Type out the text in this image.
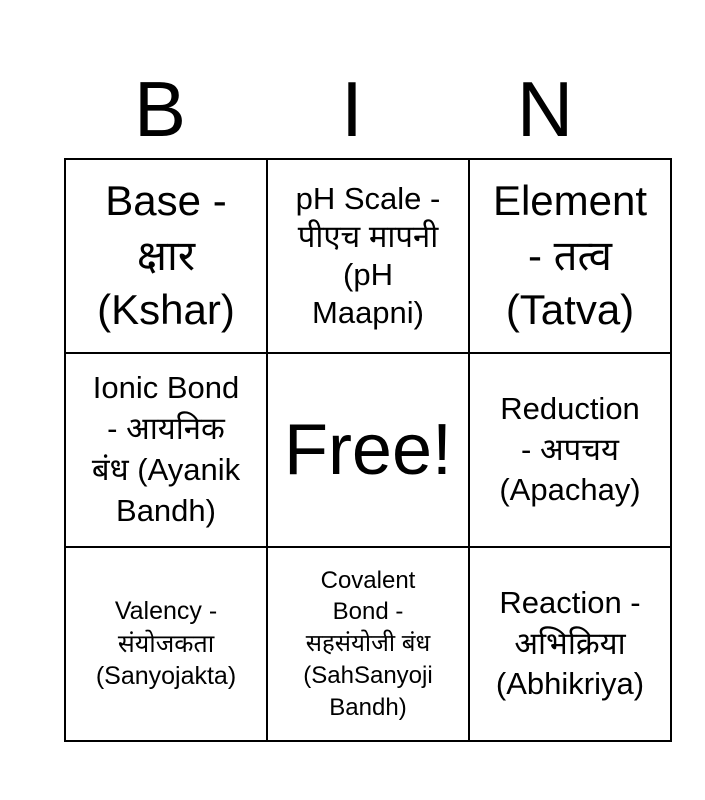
B	I	N
Base -
क्षार
(Kshar)	pH Scale -
पीएच मापनी
(pH
Maapni)	Element
- तत्व
(Tatva)

Ionic Bond
- आयनिक
बंध (Ayanik
Bandh)	Free!	Reduction
- अपचय
(Apachay)

Valency -
संयोजकता
(Sanyojakta)	Covalent
Bond -
सहसंयोजी बंध
(SahSanyoji
Bandh)	Reaction -
अभिक्रिया
(Abhikriya)
